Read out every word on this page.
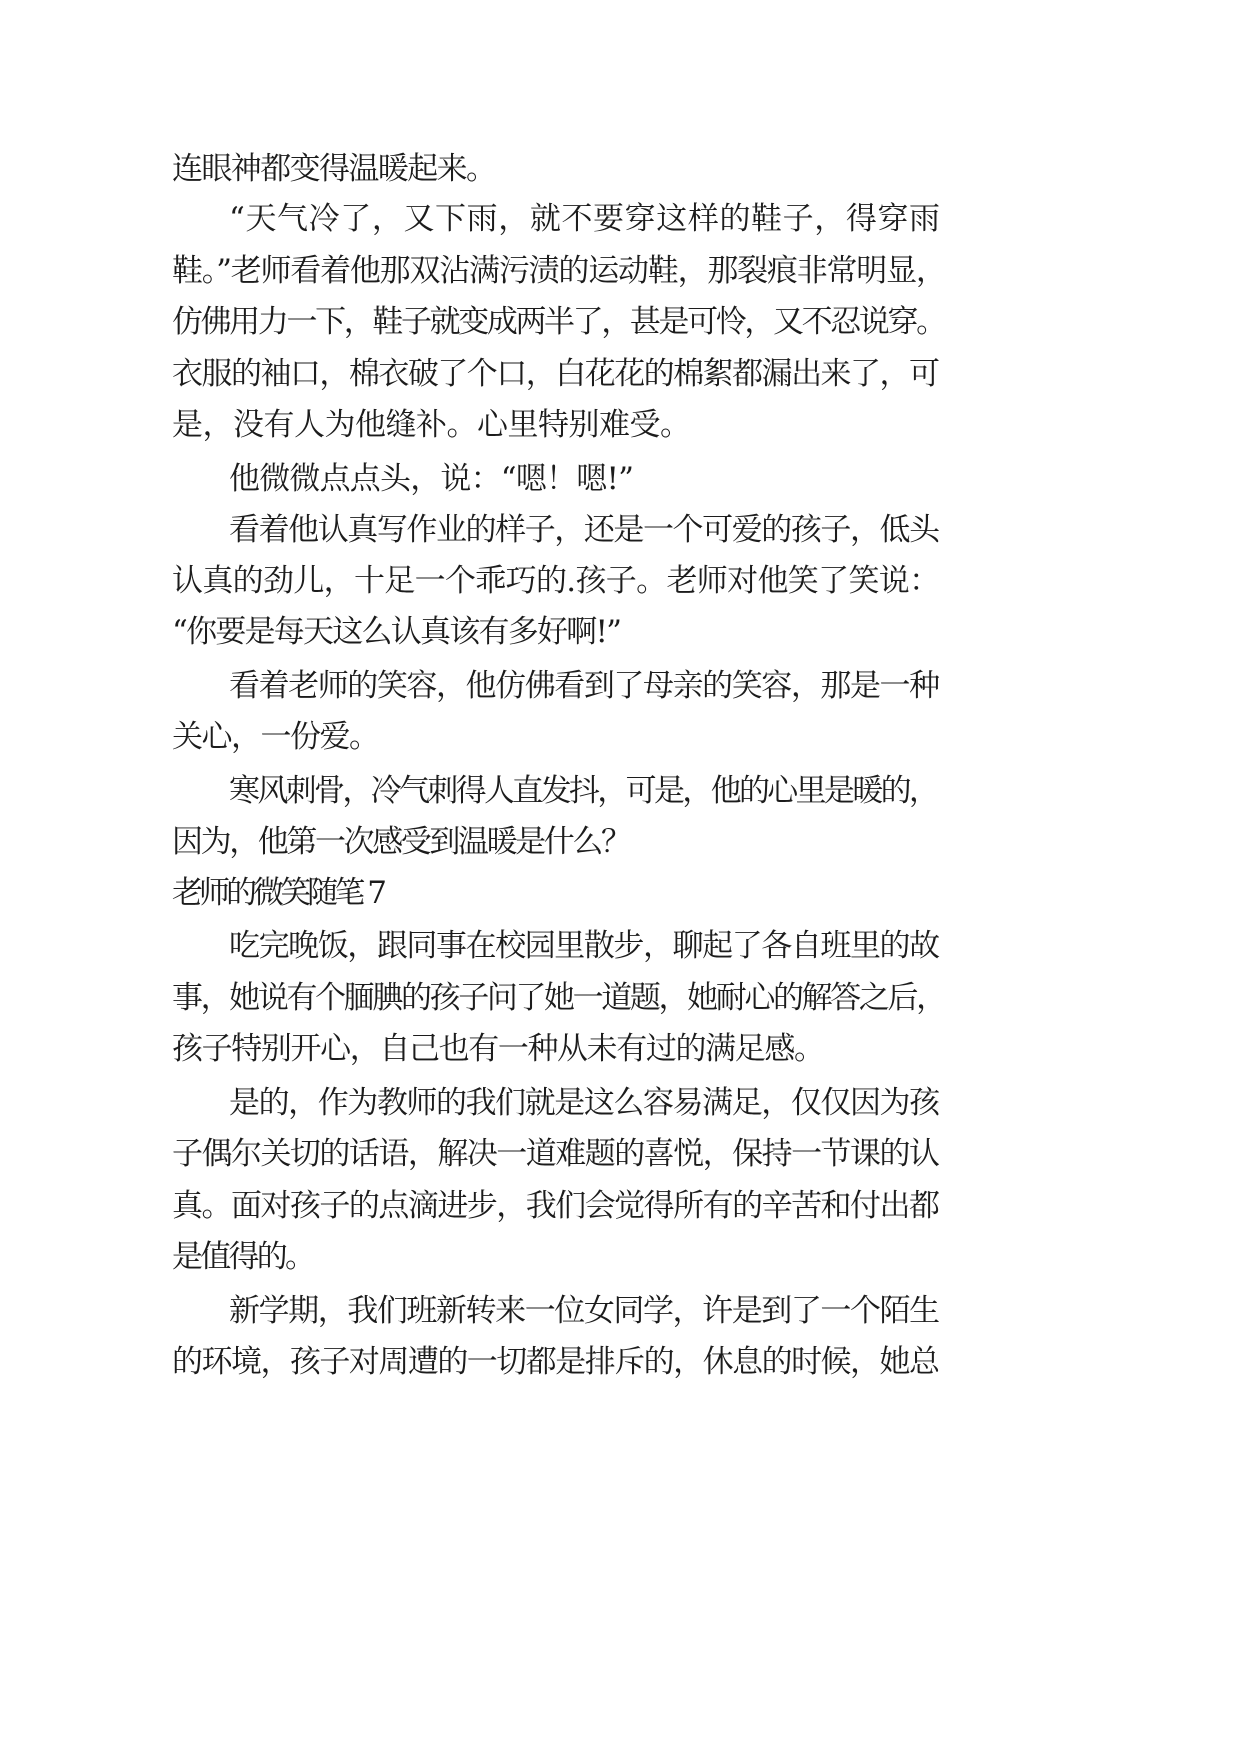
连眼神都变得温暖起来。

“天气冷了，又下雨，就不要穿这样的鞋子，得穿雨

鞋。”老师看着他那双沾满污渍的运动鞋，那裂痕非常明显，

仿佛用力一下，鞋子就变成两半了，甚是可怜，又不忍说穿。

衣服的袖口，棉衣破了个口，白花花的棉絮都漏出来了，可

是，没有人为他缝补。心里特别难受。

他微微点点头，说：“嗯！嗯!”

看着他认真写作业的样子，还是一个可爱的孩子，低头

认真的劲儿，十足一个乖巧的.孩子。老师对他笑了笑说：

“你要是每天这么认真该有多好啊!”

看着老师的笑容，他仿佛看到了母亲的笑容，那是一种

关心，一份爱。

寒风刺骨，冷气刺得人直发抖，可是，他的心里是暖的，

因为，他第一次感受到温暖是什么？

老师的微笑随笔 7

吃完晚饭，跟同事在校园里散步，聊起了各自班里的故

事，她说有个腼腆的孩子问了她一道题，她耐心的解答之后，

孩子特别开心，自己也有一种从未有过的满足感。

是的，作为教师的我们就是这么容易满足，仅仅因为孩

子偶尔关切的话语，解决一道难题的喜悦，保持一节课的认

真。面对孩子的点滴进步，我们会觉得所有的辛苦和付出都

是值得的。

新学期，我们班新转来一位女同学，许是到了一个陌生

的环境，孩子对周遭的一切都是排斥的，休息的时候，她总
